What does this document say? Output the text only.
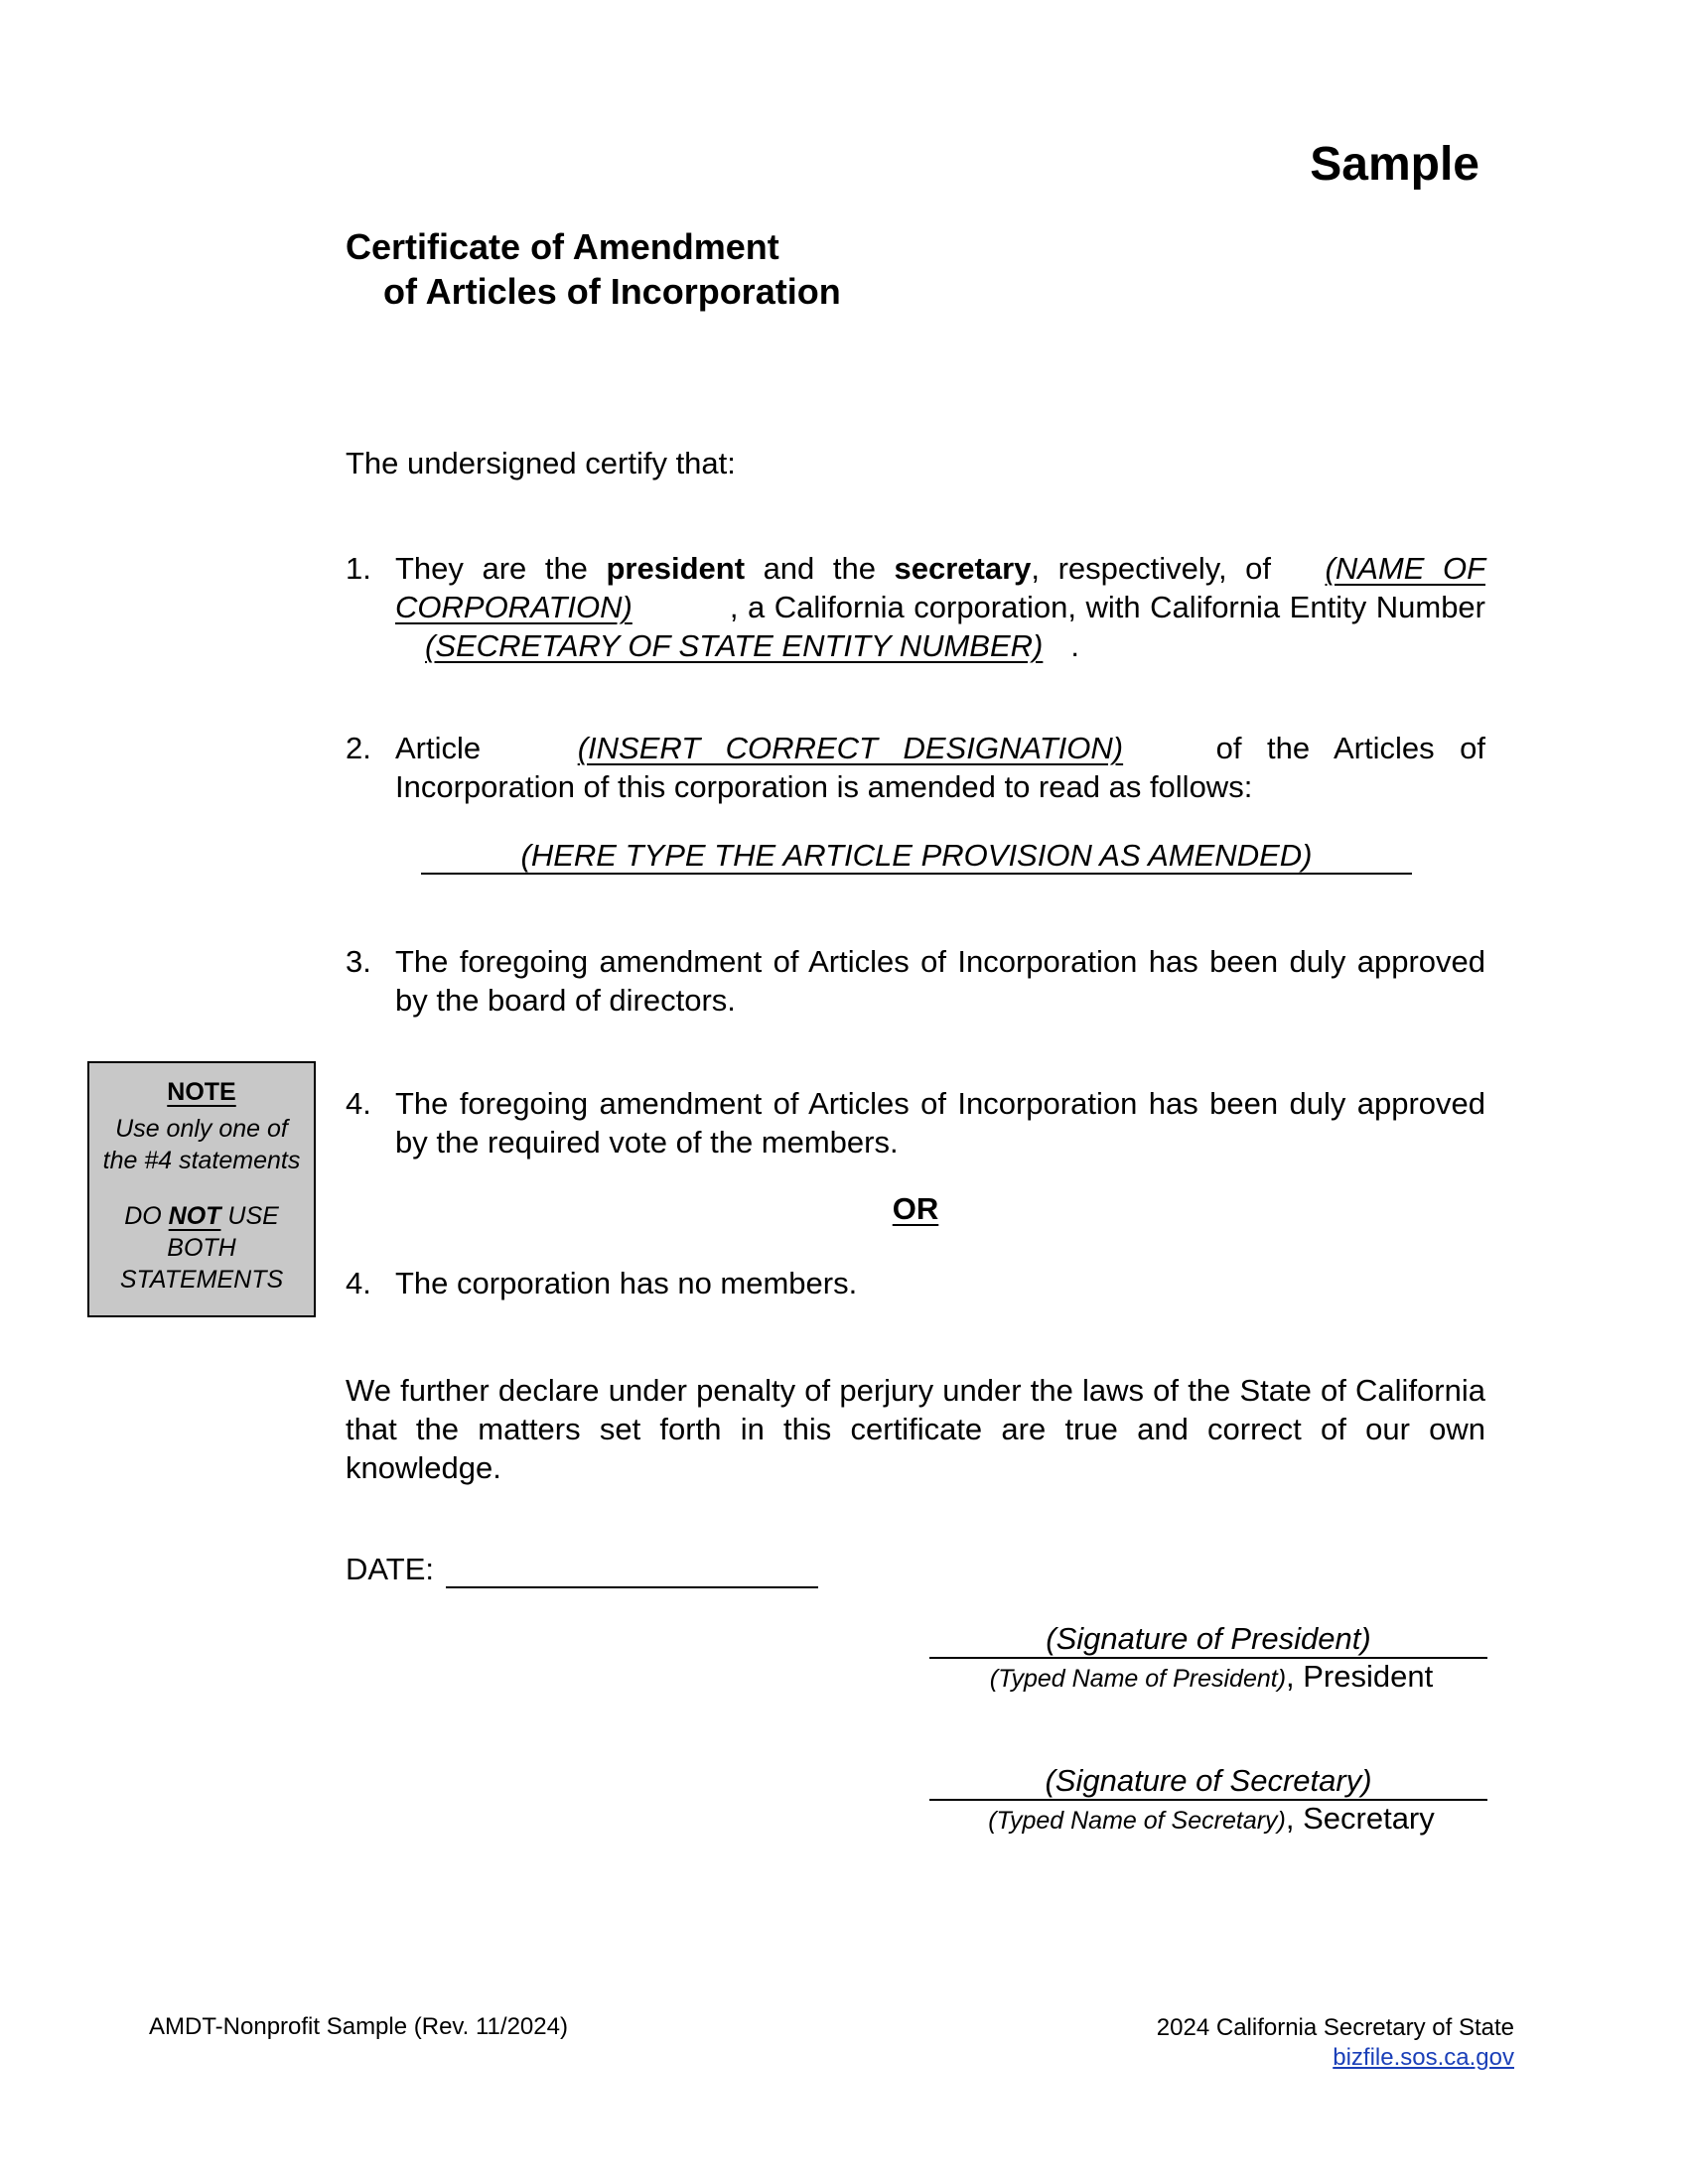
Sample
Certificate of Amendment
of Articles of Incorporation
The undersigned certify that:
1. They are the president and the secretary, respectively, of (NAME OF CORPORATION)	, a California corporation, with California Entity Number (SECRETARY OF STATE ENTITY NUMBER) .
2. Article (INSERT CORRECT DESIGNATION) of the Articles of Incorporation of this corporation is amended to read as follows:
(HERE TYPE THE ARTICLE PROVISION AS AMENDED)
3. The foregoing amendment of Articles of Incorporation has been duly approved by the board of directors.
NOTE
Use only one of
the #4 statements
DO NOT USE
BOTH
STATEMENTS
4. The foregoing amendment of Articles of Incorporation has been duly approved by the required vote of the members.
OR
4. The corporation has no members.
We further declare under penalty of perjury under the laws of the State of California that the matters set forth in this certificate are true and correct of our own knowledge.
DATE:
(Signature of President)
(Typed Name of President), President
(Signature of Secretary)
(Typed Name of Secretary), Secretary
AMDT-Nonprofit Sample (Rev. 11/2024)	2024 California Secretary of State
bizfile.sos.ca.gov
